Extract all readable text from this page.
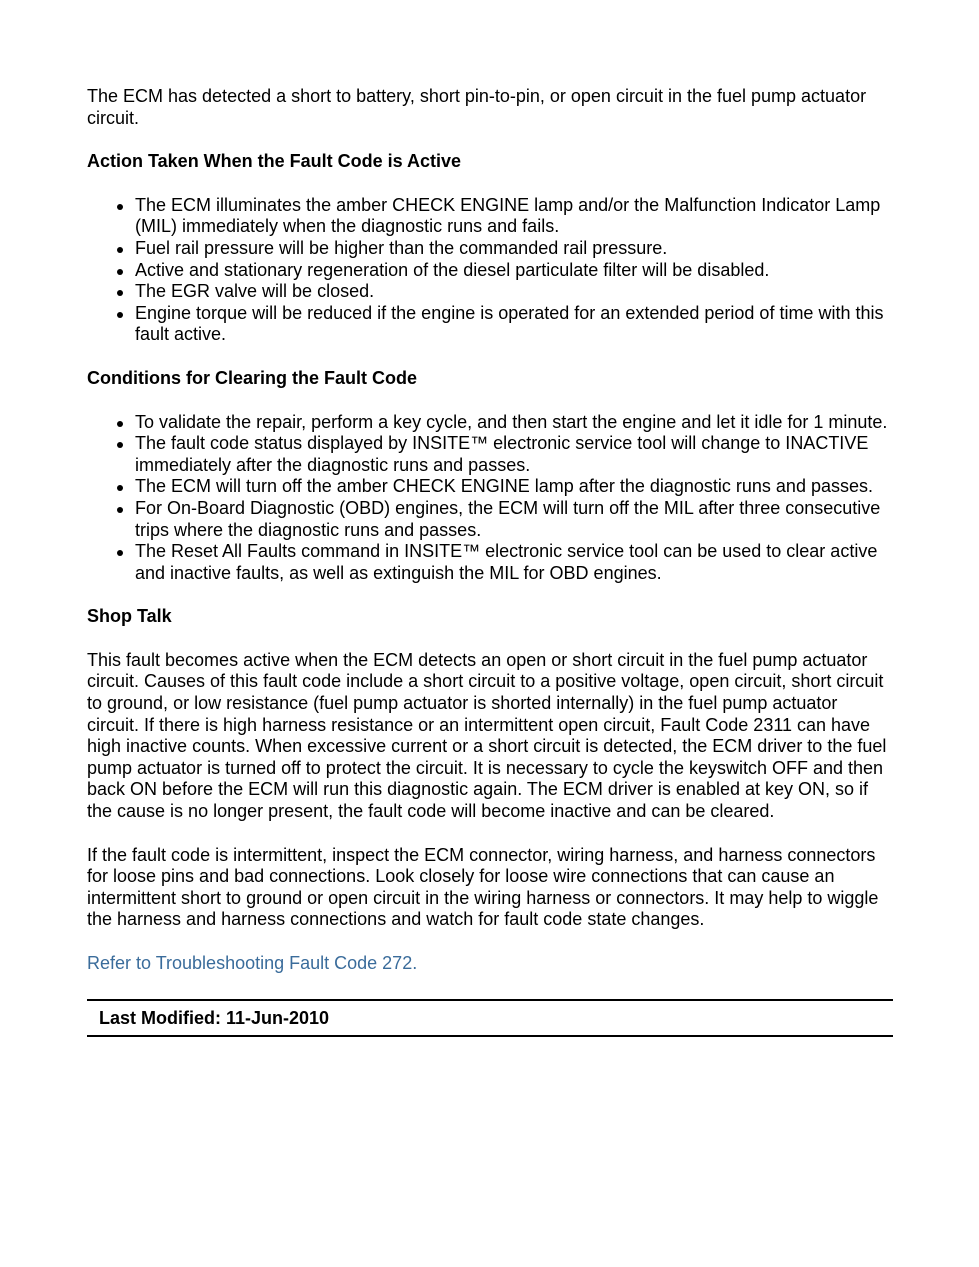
The ECM has detected a short to battery, short pin-to-pin, or open circuit in the fuel pump actuator circuit.

Action Taken When the Fault Code is Active
The ECM illuminates the amber CHECK ENGINE lamp and/or the Malfunction Indicator Lamp (MIL) immediately when the diagnostic runs and fails.
Fuel rail pressure will be higher than the commanded rail pressure.
Active and stationary regeneration of the diesel particulate filter will be disabled.
The EGR valve will be closed.
Engine torque will be reduced if the engine is operated for an extended period of time with this fault active.
Conditions for Clearing the Fault Code
To validate the repair, perform a key cycle, and then start the engine and let it idle for 1 minute.
The fault code status displayed by INSITE™ electronic service tool will change to INACTIVE immediately after the diagnostic runs and passes.
The ECM will turn off the amber CHECK ENGINE lamp after the diagnostic runs and passes.
For On-Board Diagnostic (OBD) engines, the ECM will turn off the MIL after three consecutive trips where the diagnostic runs and passes.
The Reset All Faults command in INSITE™ electronic service tool can be used to clear active and inactive faults, as well as extinguish the MIL for OBD engines.
Shop Talk

This fault becomes active when the ECM detects an open or short circuit in the fuel pump actuator circuit. Causes of this fault code include a short circuit to a positive voltage, open circuit, short circuit to ground, or low resistance (fuel pump actuator is shorted internally) in the fuel pump actuator circuit. If there is high harness resistance or an intermittent open circuit, Fault Code 2311 can have high inactive counts. When excessive current or a short circuit is detected, the ECM driver to the fuel pump actuator is turned off to protect the circuit. It is necessary to cycle the keyswitch OFF and then back ON before the ECM will run this diagnostic again. The ECM driver is enabled at key ON, so if the cause is no longer present, the fault code will become inactive and can be cleared.

If the fault code is intermittent, inspect the ECM connector, wiring harness, and harness connectors for loose pins and bad connections. Look closely for loose wire connections that can cause an intermittent short to ground or open circuit in the wiring harness or connectors. It may help to wiggle the harness and harness connections and watch for fault code state changes.

Refer to Troubleshooting Fault Code 272.
Last Modified: 11-Jun-2010
